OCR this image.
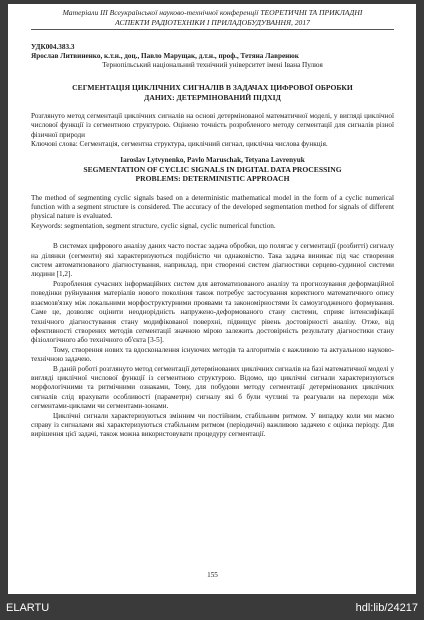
Матеріали ІІІ Всеукраїнської науково-технічної конференції ТЕОРЕТИЧНІ ТА ПРИКЛАДНІ
АСПЕКТИ РАДІОТЕХНІКИ І ПРИЛАДОБУДУВАННЯ, 2017
УДК004.383.3
Ярослав Литвиненко, к.т.н., доц., Павло Марущак, д.т.н., проф., Тетяна Лавренюк
Тернопільський національний технічний університет імені Івана Пулюя
СЕГМЕНТАЦІЯ ЦИКЛІЧНИХ СИГНАЛІВ В ЗАДАЧАХ ЦИФРОВОЇ ОБРОБКИ
ДАНИХ: ДЕТЕРМІНОВАНИЙ ПІДХІД
Розглянуто метод сегментації циклічних сигналів на основі детермінованої математичної моделі, у вигляді циклічної числової функції із сегментною структурою. Оцінено точність розробленого методу сегментації для сигналів різної фізичної природи
Ключові слова: Сегментація, сегментна структура, циклічний сигнал, циклічна числова функція.
Iaroslav Lytvynenko, Pavlo Maruschak, Tetyana Lavrenyuk
SEGMENTATION OF CYCLIC SIGNALS IN DIGITAL DATA PROCESSING
PROBLEMS: DETERMINISTIC APPROACH
The method of segmenting cyclic signals based on a deterministic mathematical model in the form of a cyclic numerical function with a segment structure is considered. The accuracy of the developed segmentation method for signals of different physical nature is evaluated.
Keywords: segmentation, segment structure, cyclic signal, cyclic numerical function.

В системах цифрового аналізу даних часто постає задача обробки, що полягає у сегментації (розбитті) сигналу на ділянки (сегменти) які характеризуються подібністю чи однаковістю. Така задача виникає під час створення систем автоматизованого діагностування, наприклад, при створенні систем діагностики серцево-судинної системи людини [1,2].

Розроблення сучасних інформаційних систем для автоматизованого аналізу та прогнозування деформаційної поведінки руйнування матеріалів нового покоління також потребує застосування коректного математичного опису взаємозв'язку між локальними морфоструктурними проявами та закономірностями їх самоузгодженого формування. Саме це, дозволяє оцінити неоднорідність напружено-деформованого стану системи, сприяє інтенсифікації технічного діагностування стану модифікованої поверхні, підвищує рівень достовірності аналізу. Отже, від ефективності створених методів сегментації значною мірою залежить достовірність результату діагностики стану фізіологічного або технічного об'єкта [3-5].

Тому, створення нових та вдосконалення існуючих методів та алгоритмів є важливою та актуальною науково-технічною задачею.

В даній роботі розглянуто метод сегментації детермінованих циклічних сигналів на базі математичної моделі у вигляді циклічної числової функції із сегментною структурою. Відомо, що циклічні сигнали характеризуються морфологічними та ритмічними ознаками, Тому, для побудови методу сегментації детермінованих циклічних сигналів слід врахувати особливості (параметри) сигналу які б були чутливі та реагували на переходи між сегментами-циклами чи сегментами-зонами.

Циклічні сигнали характеризуються змінним чи постійним, стабільним ритмом. У випадку коли ми маємо справу із сигналами які характеризуються стабільним ритмом (періодичні) важливою задачею є оцінка періоду. Для вирішення цієї задачі, також можна використовувати процедуру сегментації.

155
ELARTU	hdl:lib/24217
